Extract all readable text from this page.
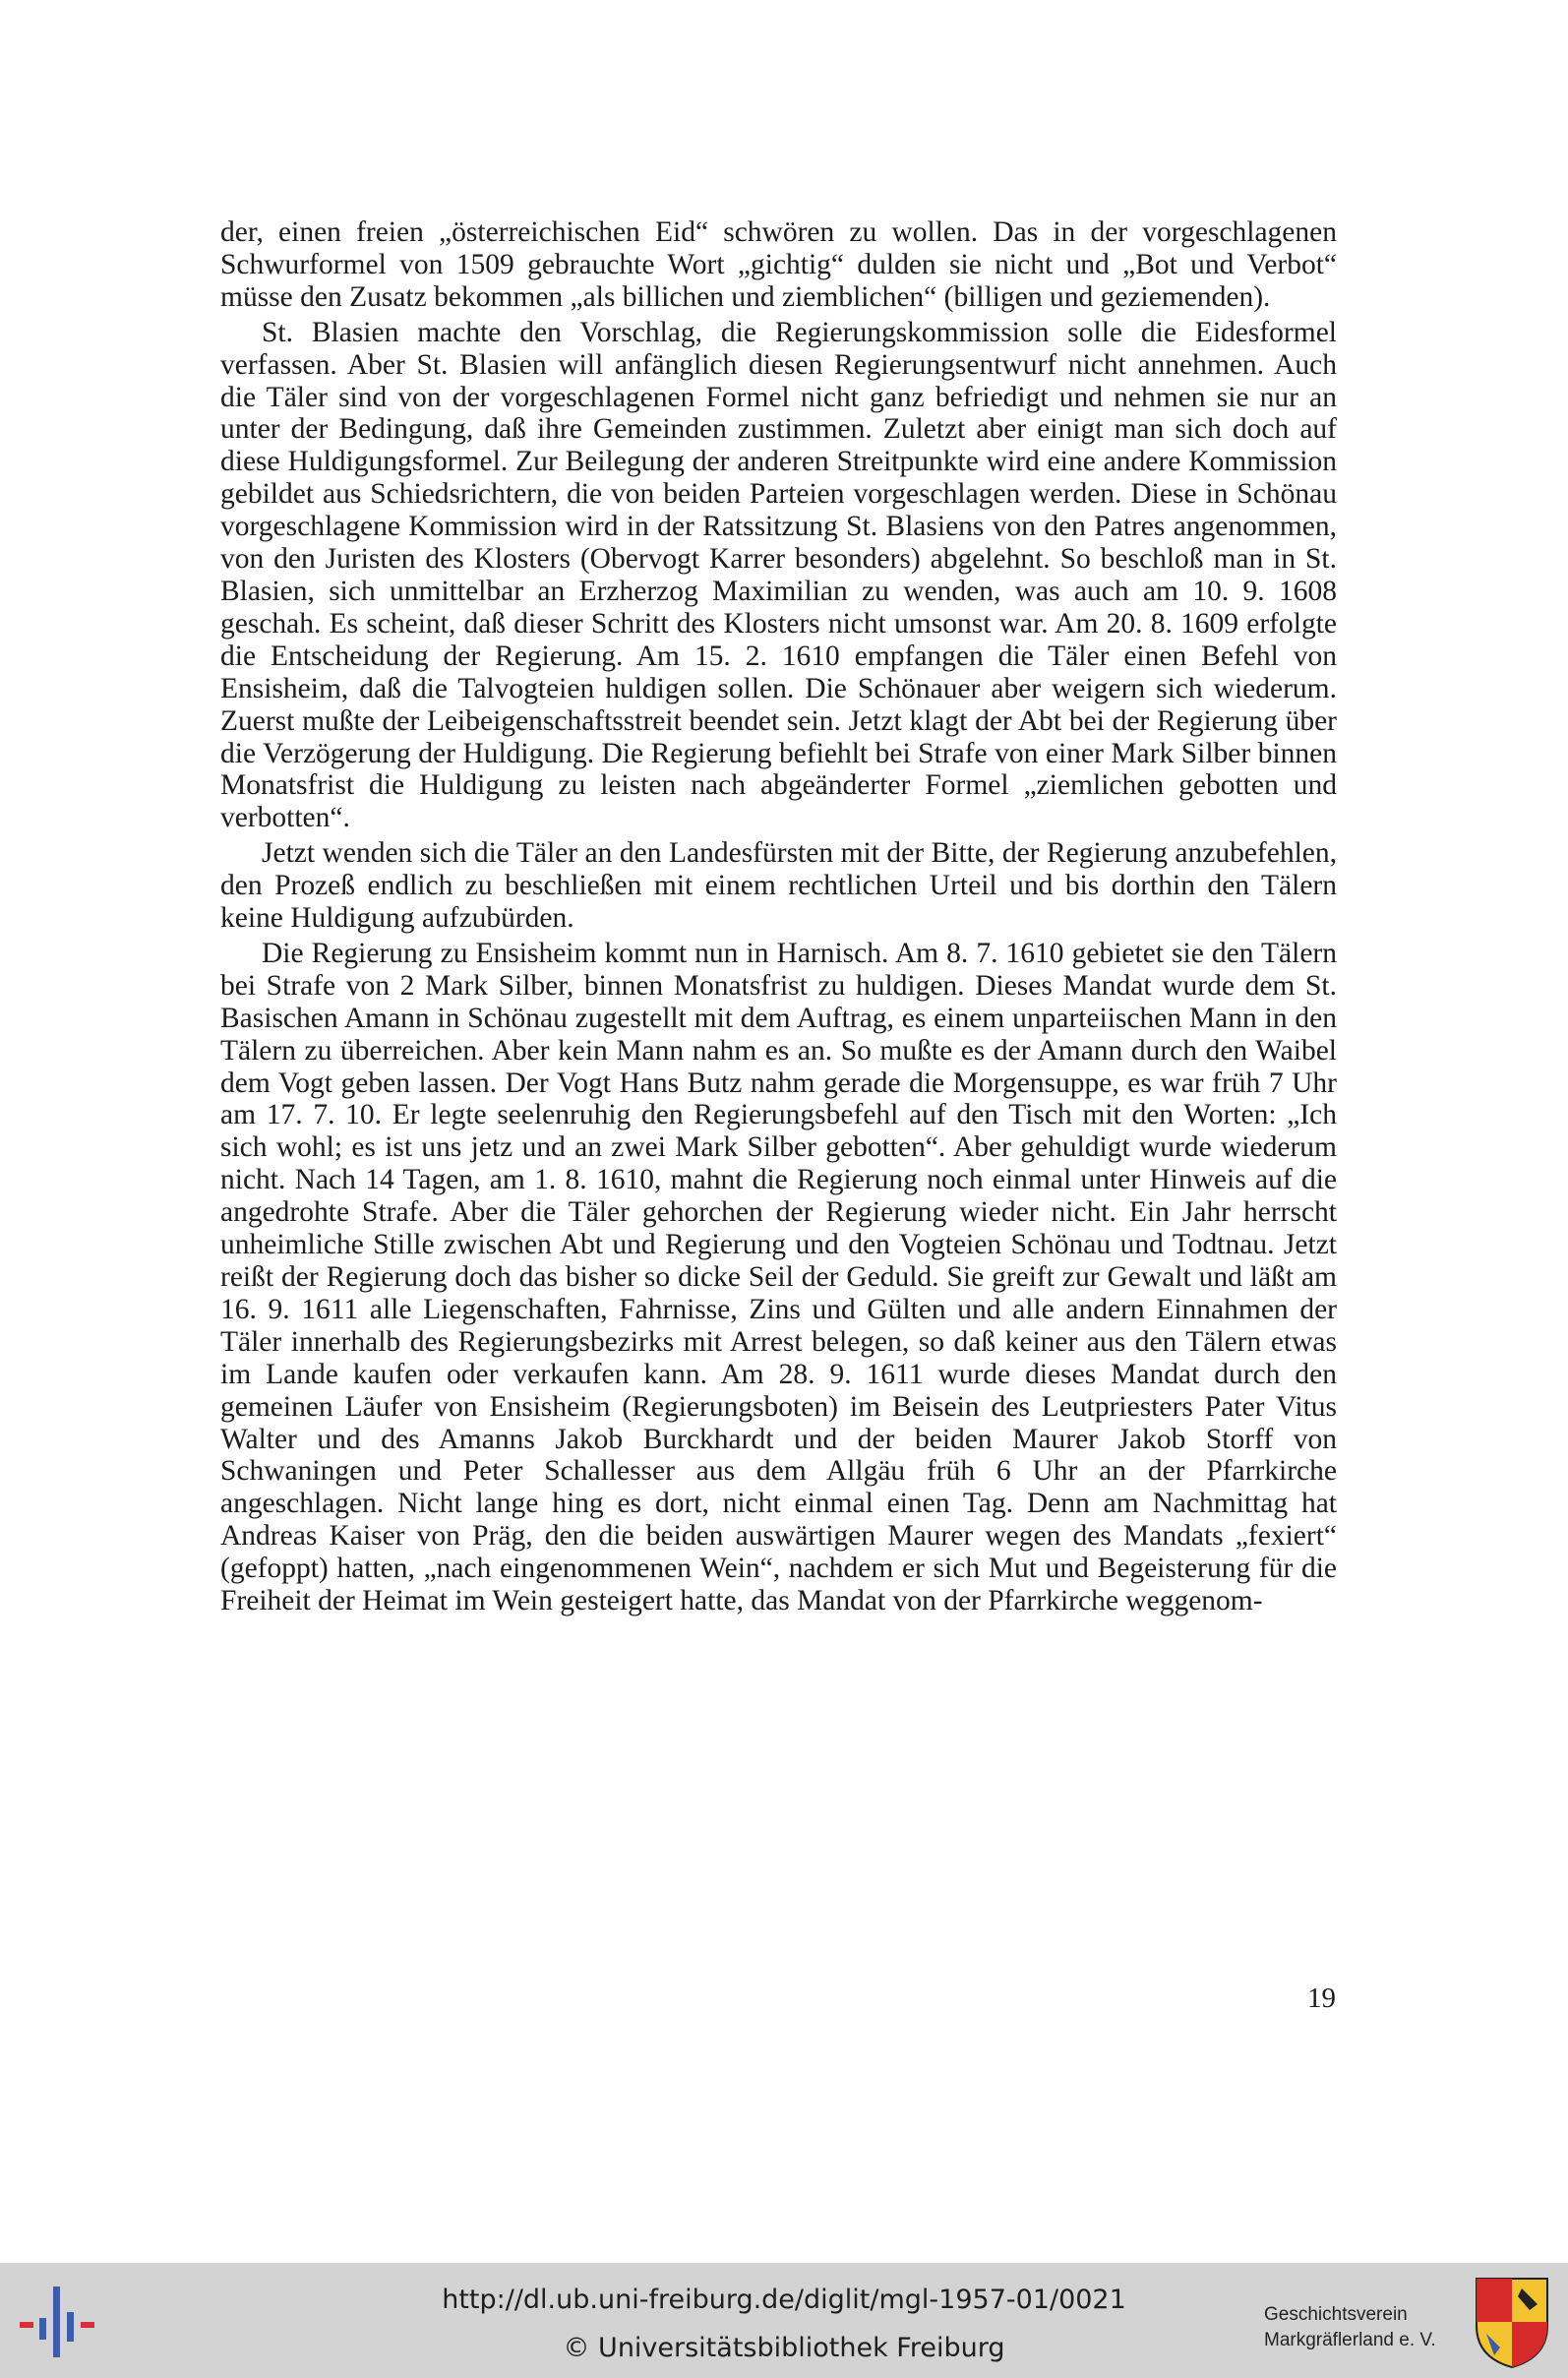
der, einen freien „österreichischen Eid“ schwören zu wollen. Das in der vorgeschlagenen Schwurformel von 1509 gebrauchte Wort „gichtig“ dulden sie nicht und „Bot und Verbot“ müsse den Zusatz bekommen „als billichen und ziemblichen“ (billigen und geziemenden).

St. Blasien machte den Vorschlag, die Regierungskommission solle die Eidesformel verfassen. Aber St. Blasien will anfänglich diesen Regierungsentwurf nicht annehmen. Auch die Täler sind von der vorgeschlagenen Formel nicht ganz befriedigt und nehmen sie nur an unter der Bedingung, daß ihre Gemeinden zustimmen. Zuletzt aber einigt man sich doch auf diese Huldigungsformel. Zur Beilegung der anderen Streitpunkte wird eine andere Kommission gebildet aus Schiedsrichtern, die von beiden Parteien vorgeschlagen werden. Diese in Schönau vorgeschlagene Kommission wird in der Ratssitzung St. Blasiens von den Patres angenommen, von den Juristen des Klosters (Obervogt Karrer besonders) abgelehnt. So beschloß man in St. Blasien, sich unmittelbar an Erzherzog Maximilian zu wenden, was auch am 10. 9. 1608 geschah. Es scheint, daß dieser Schritt des Klosters nicht umsonst war. Am 20. 8. 1609 erfolgte die Entscheidung der Regierung. Am 15. 2. 1610 empfangen die Täler einen Befehl von Ensisheim, daß die Talvogteien huldigen sollen. Die Schönauer aber weigern sich wiederum. Zuerst mußte der Leibeigenschaftsstreit beendet sein. Jetzt klagt der Abt bei der Regierung über die Verzögerung der Huldigung. Die Regierung befiehlt bei Strafe von einer Mark Silber binnen Monatsfrist die Huldigung zu leisten nach abgeänderter Formel „ziemlichen gebotten und verbotten“.

Jetzt wenden sich die Täler an den Landesfürsten mit der Bitte, der Regierung anzubefehlen, den Prozeß endlich zu beschließen mit einem rechtlichen Urteil und bis dorthin den Tälern keine Huldigung aufzubürden.

Die Regierung zu Ensisheim kommt nun in Harnisch. Am 8. 7. 1610 gebietet sie den Tälern bei Strafe von 2 Mark Silber, binnen Monatsfrist zu huldigen. Dieses Mandat wurde dem St. Basischen Amann in Schönau zugestellt mit dem Auftrag, es einem unparteiischen Mann in den Tälern zu überreichen. Aber kein Mann nahm es an. So mußte es der Amann durch den Waibel dem Vogt geben lassen. Der Vogt Hans Butz nahm gerade die Morgensuppe, es war früh 7 Uhr am 17. 7. 10. Er legte seelenruhig den Regierungsbefehl auf den Tisch mit den Worten: „Ich sich wohl; es ist uns jetz und an zwei Mark Silber gebotten“. Aber gehuldigt wurde wiederum nicht. Nach 14 Tagen, am 1. 8. 1610, mahnt die Regierung noch einmal unter Hinweis auf die angedrohte Strafe. Aber die Täler gehorchen der Regierung wieder nicht. Ein Jahr herrscht unheimliche Stille zwischen Abt und Regierung und den Vogteien Schönau und Todtnau. Jetzt reißt der Regierung doch das bisher so dicke Seil der Geduld. Sie greift zur Gewalt und läßt am 16. 9. 1611 alle Liegenschaften, Fahrnisse, Zins und Gülten und alle andern Einnahmen der Täler innerhalb des Regierungsbezirks mit Arrest belegen, so daß keiner aus den Tälern etwas im Lande kaufen oder verkaufen kann. Am 28. 9. 1611 wurde dieses Mandat durch den gemeinen Läufer von Ensisheim (Regierungsboten) im Beisein des Leutpriesters Pater Vitus Walter und des Amanns Jakob Burckhardt und der beiden Maurer Jakob Storff von Schwaningen und Peter Schallesser aus dem Allgäu früh 6 Uhr an der Pfarrkirche angeschlagen. Nicht lange hing es dort, nicht einmal einen Tag. Denn am Nachmittag hat Andreas Kaiser von Präg, den die beiden auswärtigen Maurer wegen des Mandats „fexiert“ (gefoppt) hatten, „nach eingenommenen Wein“, nachdem er sich Mut und Begeisterung für die Freiheit der Heimat im Wein gesteigert hatte, das Mandat von der Pfarrkirche weggenom-

19
http://dl.ub.uni-freiburg.de/diglit/mgl-1957-01/0021
© Universitätsbibliothek Freiburg
Geschichtsverein
Markgräflerland e. V.
